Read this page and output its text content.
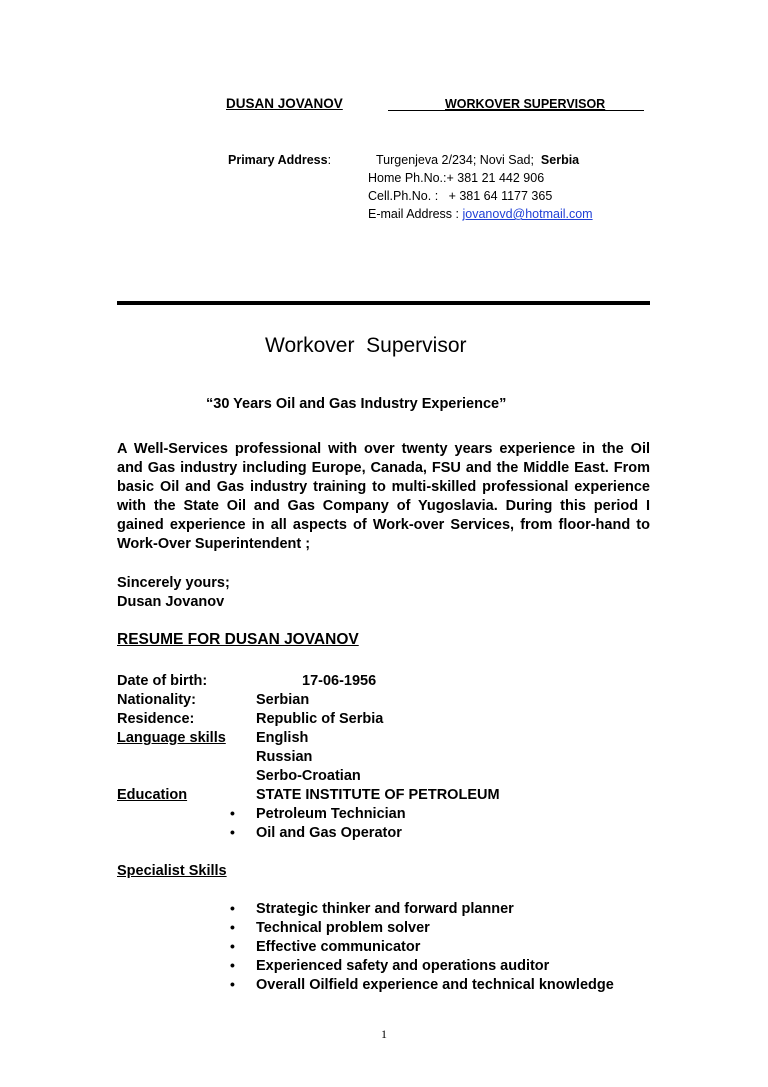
DUSAN JOVANOV	WORKOVER SUPERVISOR
Primary Address:	Turgenjeva 2/234; Novi Sad; Serbia
Home Ph.No.:+ 381 21 442 906
Cell.Ph.No. :   + 381 64 1177 365
E-mail Address : jovanovd@hotmail.com
Workover  Supervisor
“30 Years Oil and Gas Industry Experience”
A Well-Services professional with over twenty years experience in the Oil and Gas industry including Europe, Canada, FSU and the Middle East. From basic Oil and Gas industry training to multi-skilled professional experience with the State Oil and Gas Company of Yugoslavia. During this period I gained experience in all aspects of Work-over Services, from floor-hand to Work-Over Superintendent ;
Sincerely yours;
Dusan Jovanov
RESUME FOR DUSAN JOVANOV
Date of birth:	17-06-1956
Nationality:	Serbian
Residence:	Republic of Serbia
Language skills English
Russian
Serbo-Croatian
Education	STATE INSTITUTE OF PETROLEUM
• Petroleum Technician
• Oil and Gas Operator
Specialist Skills
• Strategic thinker and forward planner
• Technical problem solver
• Effective communicator
• Experienced safety and operations auditor
• Overall Oilfield experience and technical knowledge
1
